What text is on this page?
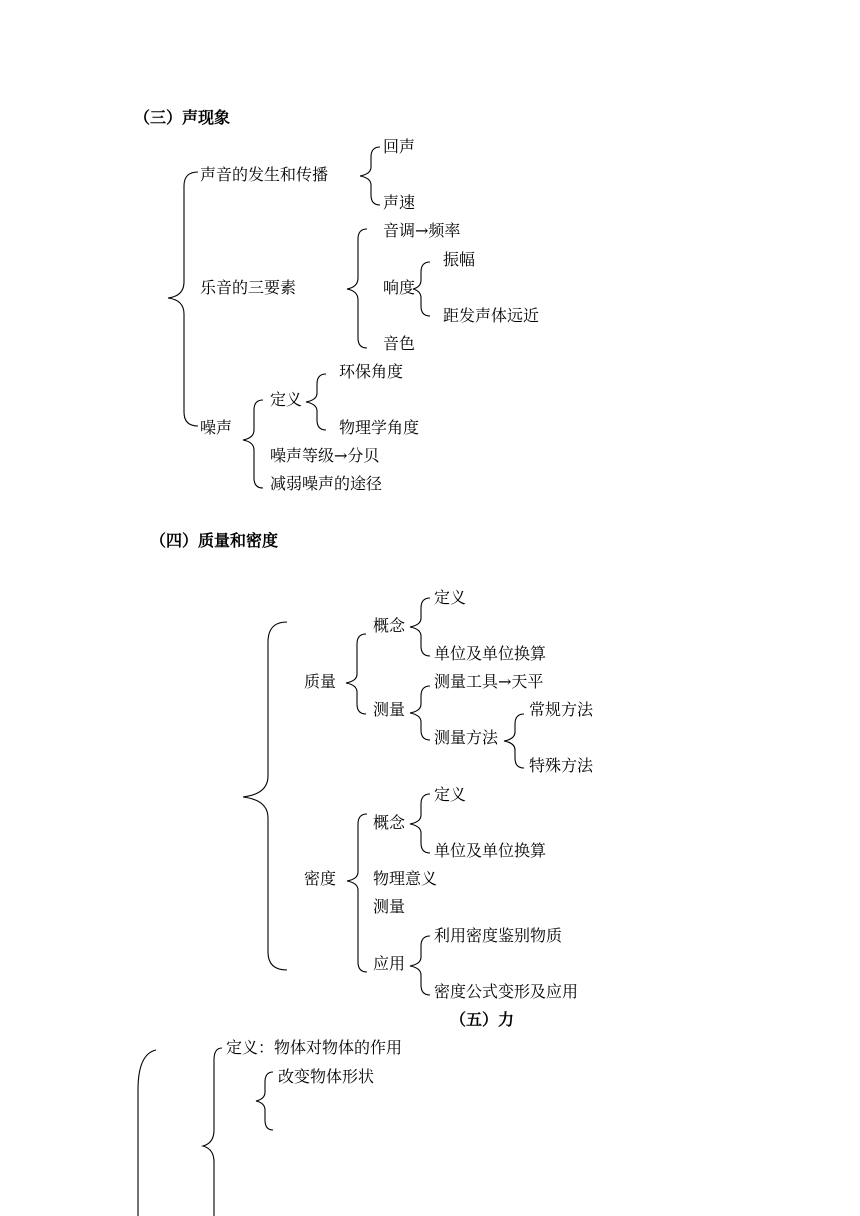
（三）声现象
声音的发生和传播
回声
声速
乐音的三要素
音调→频率
响度
振幅
距发声体远近
音色
噪声
定义
环保角度
物理学角度
噪声等级→分贝
减弱噪声的途径
（四）质量和密度
质量
概念
定义
单位及单位换算
测量
测量工具→天平
测量方法
常规方法
特殊方法
密度
概念
定义
单位及单位换算
物理意义
测量
应用
利用密度鉴别物质
密度公式变形及应用
（五）力
定义：物体对物体的作用
改变物体形状
